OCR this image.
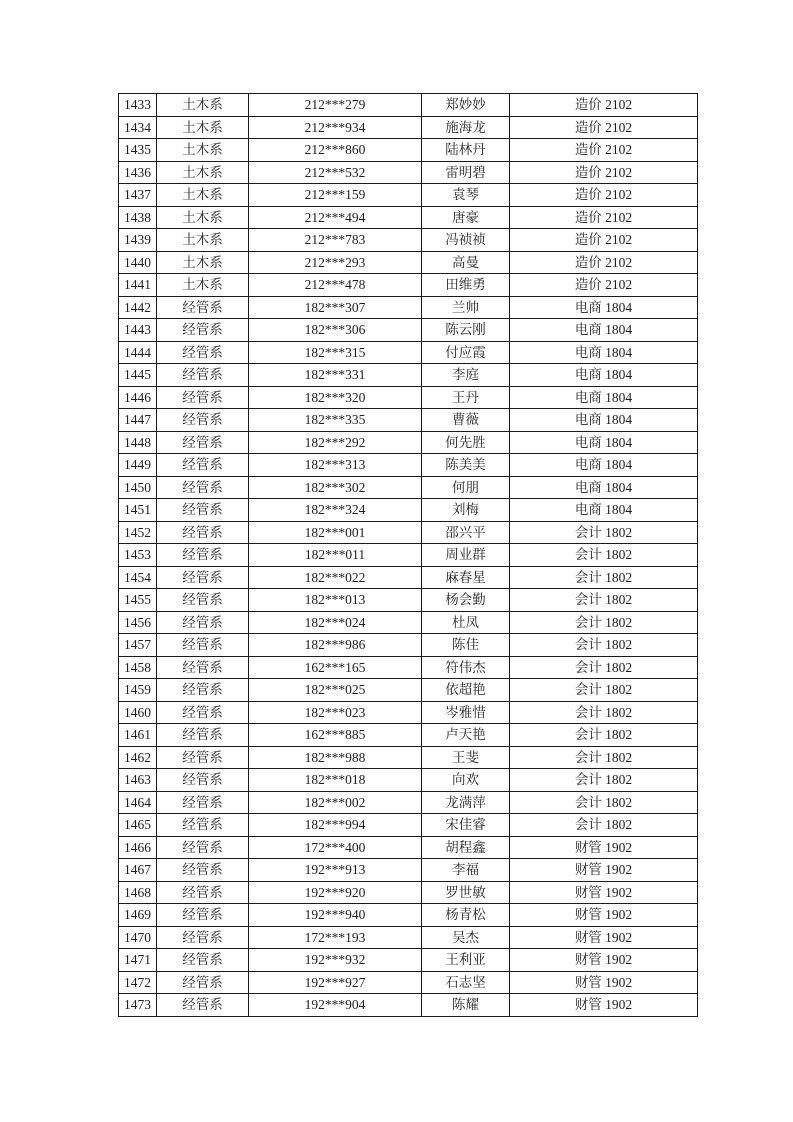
1433	土木系	212***279	郑妙妙	造价 2102
1434	土木系	212***934	施海龙	造价 2102
1435	土木系	212***860	陆林丹	造价 2102
1436	土木系	212***532	雷明碧	造价 2102
1437	土木系	212***159	袁琴	造价 2102
1438	土木系	212***494	唐豪	造价 2102
1439	土木系	212***783	冯祯祯	造价 2102
1440	土木系	212***293	高曼	造价 2102
1441	土木系	212***478	田维勇	造价 2102
1442	经管系	182***307	兰帅	电商 1804
1443	经管系	182***306	陈云刚	电商 1804
1444	经管系	182***315	付应霞	电商 1804
1445	经管系	182***331	李庭	电商 1804
1446	经管系	182***320	王丹	电商 1804
1447	经管系	182***335	曹薇	电商 1804
1448	经管系	182***292	何先胜	电商 1804
1449	经管系	182***313	陈美美	电商 1804
1450	经管系	182***302	何朋	电商 1804
1451	经管系	182***324	刘梅	电商 1804
1452	经管系	182***001	邵兴平	会计 1802
1453	经管系	182***011	周业群	会计 1802
1454	经管系	182***022	麻春星	会计 1802
1455	经管系	182***013	杨会勤	会计 1802
1456	经管系	182***024	杜凤	会计 1802
1457	经管系	182***986	陈佳	会计 1802
1458	经管系	162***165	符伟杰	会计 1802
1459	经管系	182***025	依超艳	会计 1802
1460	经管系	182***023	岑雅惜	会计 1802
1461	经管系	162***885	卢天艳	会计 1802
1462	经管系	182***988	王斐	会计 1802
1463	经管系	182***018	向欢	会计 1802
1464	经管系	182***002	龙满萍	会计 1802
1465	经管系	182***994	宋佳睿	会计 1802
1466	经管系	172***400	胡程鑫	财管 1902
1467	经管系	192***913	李福	财管 1902
1468	经管系	192***920	罗世敏	财管 1902
1469	经管系	192***940	杨青松	财管 1902
1470	经管系	172***193	吴杰	财管 1902
1471	经管系	192***932	王利亚	财管 1902
1472	经管系	192***927	石志坚	财管 1902
1473	经管系	192***904	陈耀	财管 1902
